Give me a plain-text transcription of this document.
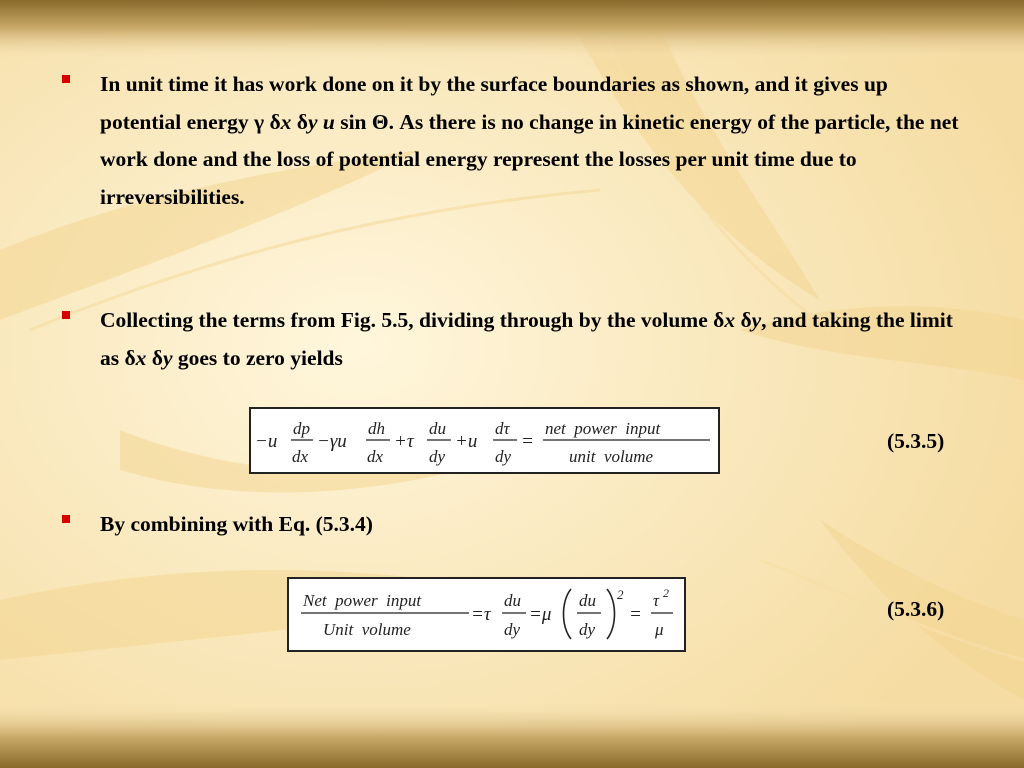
In unit time it has work done on it by the surface boundaries as shown, and it gives up potential energy γ δx δy u sin Θ. As there is no change in kinetic energy of the particle, the net work done and the loss of potential energy represent the losses per unit time due to irreversibilities.
Collecting the terms from Fig. 5.5, dividing through by the volume δx δy, and taking the limit as δx δy goes to zero yields
−u
dp
dx
−γu
dh
dx
+τ
du
dy
+u
dτ
dy
=
net  power  input
unit  volume
(5.3.5)
By combining with Eq. (5.3.4)
Net  power  input
Unit  volume
=τ
du
dy
=μ
du
dy
2
=
τ 2
μ
(5.3.6)
